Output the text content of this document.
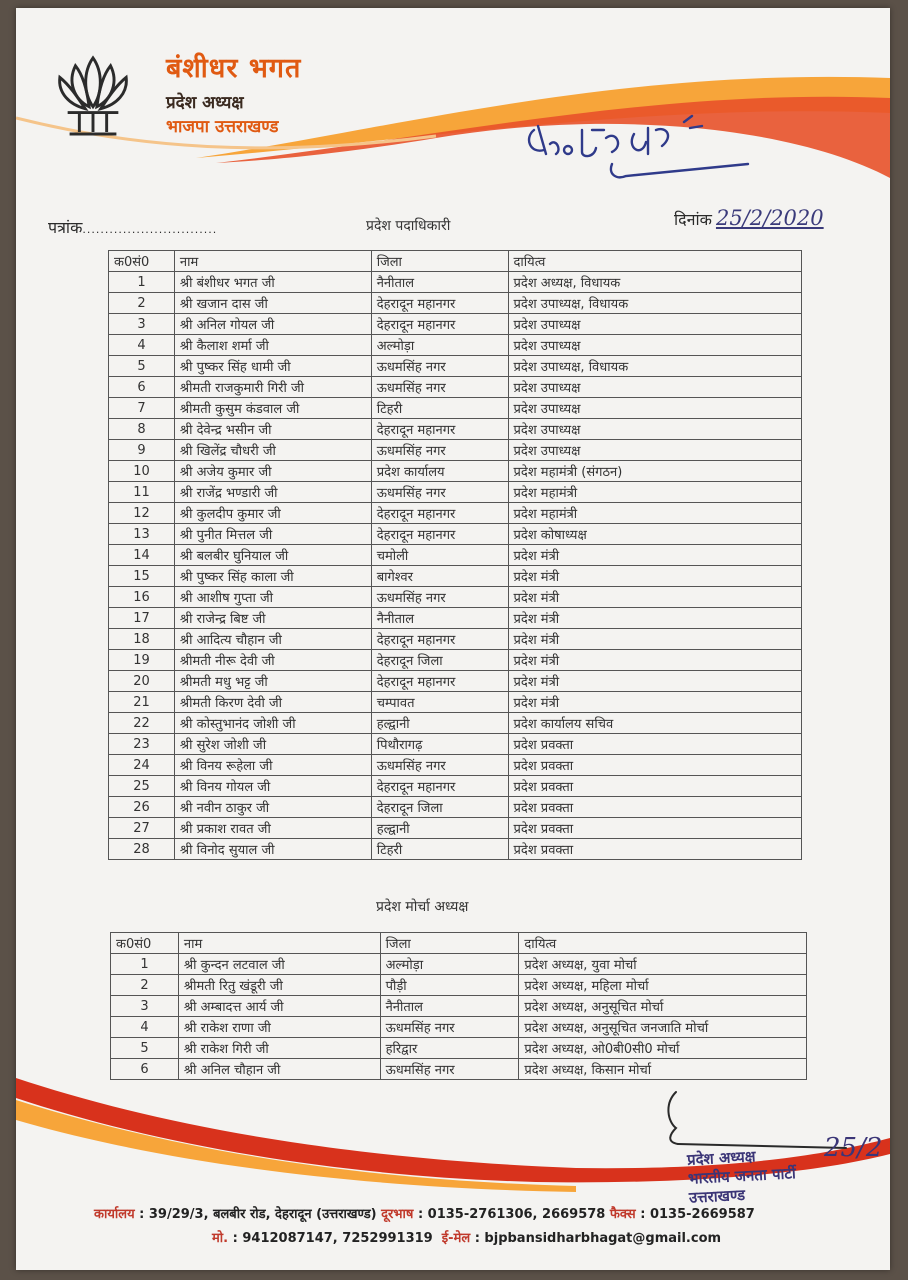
बंशीधर भगत
प्रदेश अध्यक्ष
भाजपा उत्तराखण्ड
पत्रांक..............................	प्रदेश पदाधिकारी	दिनांक 25/2/2020
क0सं0	नाम	जिला	दायित्व
1	श्री बंशीधर भगत जी	नैनीताल	प्रदेश अध्यक्ष, विधायक
2	श्री खजान दास जी	देहरादून महानगर	प्रदेश उपाध्यक्ष, विधायक
3	श्री अनिल गोयल जी	देहरादून महानगर	प्रदेश उपाध्यक्ष
4	श्री कैलाश शर्मा जी	अल्मोड़ा	प्रदेश उपाध्यक्ष
5	श्री पुष्कर सिंह धामी जी	ऊधमसिंह नगर	प्रदेश उपाध्यक्ष, विधायक
6	श्रीमती राजकुमारी गिरी जी	ऊधमसिंह नगर	प्रदेश उपाध्यक्ष
7	श्रीमती कुसुम कंडवाल जी	टिहरी	प्रदेश उपाध्यक्ष
8	श्री देवेन्द्र भसीन जी	देहरादून महानगर	प्रदेश उपाध्यक्ष
9	श्री खिलेंद्र चौधरी जी	ऊधमसिंह नगर	प्रदेश उपाध्यक्ष
10	श्री अजेय कुमार जी	प्रदेश कार्यालय	प्रदेश महामंत्री (संगठन)
11	श्री राजेंद्र भण्डारी जी	ऊधमसिंह नगर	प्रदेश महामंत्री
12	श्री कुलदीप कुमार जी	देहरादून महानगर	प्रदेश महामंत्री
13	श्री पुनीत मित्तल जी	देहरादून महानगर	प्रदेश कोषाध्यक्ष
14	श्री बलबीर घुनियाल जी	चमोली	प्रदेश मंत्री
15	श्री पुष्कर सिंह काला जी	बागेश्वर	प्रदेश मंत्री
16	श्री आशीष गुप्ता जी	ऊधमसिंह नगर	प्रदेश मंत्री
17	श्री राजेन्द्र बिष्ट जी	नैनीताल	प्रदेश मंत्री
18	श्री आदित्य चौहान जी	देहरादून महानगर	प्रदेश मंत्री
19	श्रीमती नीरू देवी जी	देहरादून जिला	प्रदेश मंत्री
20	श्रीमती मधु भट्ट जी	देहरादून महानगर	प्रदेश मंत्री
21	श्रीमती किरण देवी जी	चम्पावत	प्रदेश मंत्री
22	श्री कोस्तुभानंद जोशी जी	हल्द्वानी	प्रदेश कार्यालय सचिव
23	श्री सुरेश जोशी जी	पिथौरागढ़	प्रदेश प्रवक्ता
24	श्री विनय रूहेला जी	ऊधमसिंह नगर	प्रदेश प्रवक्ता
25	श्री विनय गोयल जी	देहरादून महानगर	प्रदेश प्रवक्ता
26	श्री नवीन ठाकुर जी	देहरादून जिला	प्रदेश प्रवक्ता
27	श्री प्रकाश रावत जी	हल्द्वानी	प्रदेश प्रवक्ता
28	श्री विनोद सुयाल जी	टिहरी	प्रदेश प्रवक्ता
प्रदेश मोर्चा अध्यक्ष
क0सं0	नाम	जिला	दायित्व
1	श्री कुन्दन लटवाल जी	अल्मोड़ा	प्रदेश अध्यक्ष, युवा मोर्चा
2	श्रीमती रितु खंडूरी जी	पौड़ी	प्रदेश अध्यक्ष, महिला मोर्चा
3	श्री अम्बादत्त आर्य जी	नैनीताल	प्रदेश अध्यक्ष, अनुसूचित मोर्चा
4	श्री राकेश राणा जी	ऊधमसिंह नगर	प्रदेश अध्यक्ष, अनुसूचित जनजाति मोर्चा
5	श्री राकेश गिरी जी	हरिद्वार	प्रदेश अध्यक्ष, ओ0बी0सी0 मोर्चा
6	श्री अनिल चौहान जी	ऊधमसिंह नगर	प्रदेश अध्यक्ष, किसान मोर्चा
प्रदेश अध्यक्ष
भारतीय जनता पार्टी
उत्तराखण्ड
25/2
कार्यालय : 39/29/3, बलबीर रोड, देहरादून (उत्तराखण्ड) दूरभाष : 0135-2761306, 2669578 फैक्स : 0135-2669587
मो. : 9412087147, 7252991319 ई-मेल : bjpbansidharbhagat@gmail.com
